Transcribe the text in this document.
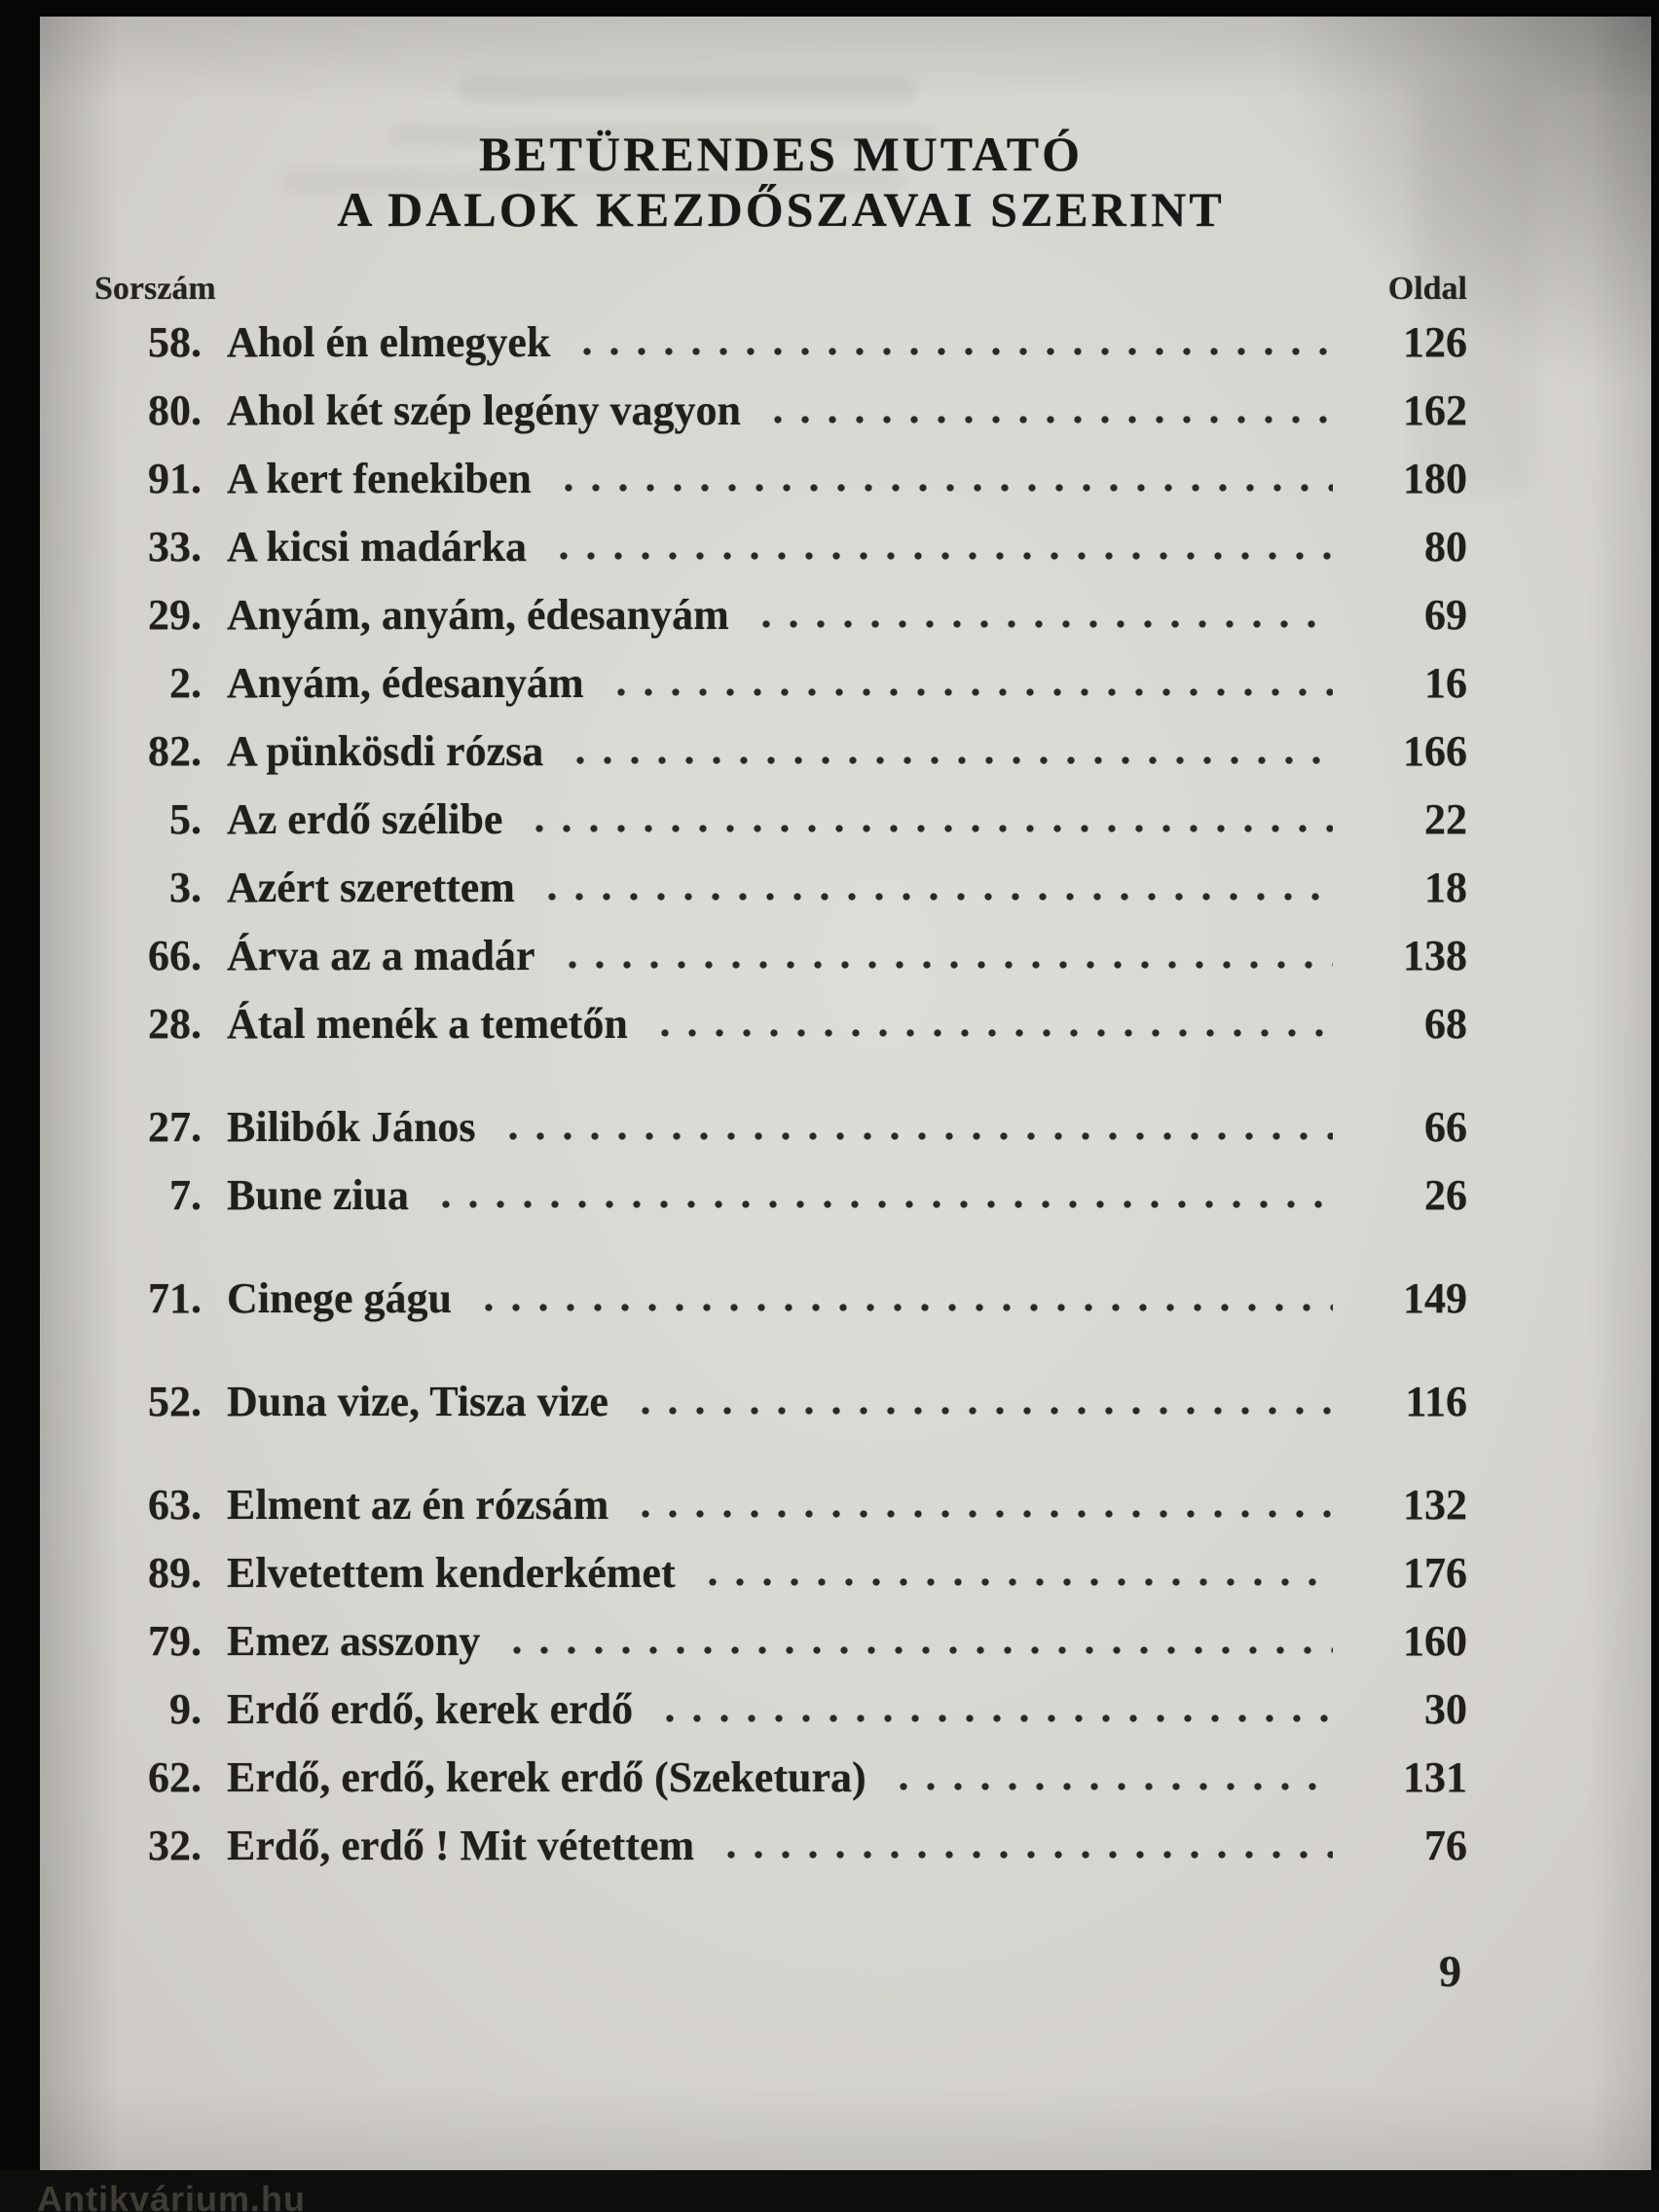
BETÜRENDES MUTATÓ
A DALOK KEZDŐSZAVAI SZERINT
Sorszám	Oldal
58. Ahol én elmegyek	126
80. Ahol két szép legény vagyon	162
91. A kert fenekiben	180
33. A kicsi madárka	80
29. Anyám, anyám, édesanyám	69
2. Anyám, édesanyám	16
82. A pünkösdi rózsa	166
5. Az erdő szélibe	22
3. Azért szerettem	18
66. Árva az a madár	138
28. Átal menék a temetőn	68
27. Bilibók János	66
7. Bune ziua	26
71. Cinege gágu	149
52. Duna vize, Tisza vize	116
63. Elment az én rózsám	132
89. Elvetettem kenderkémet	176
79. Emez asszony	160
9. Erdő erdő, kerek erdő	30
62. Erdő, erdő, kerek erdő (Szeketura)	131
32. Erdő, erdő ! Mit vétettem	76
9
Antikvárium.hu
